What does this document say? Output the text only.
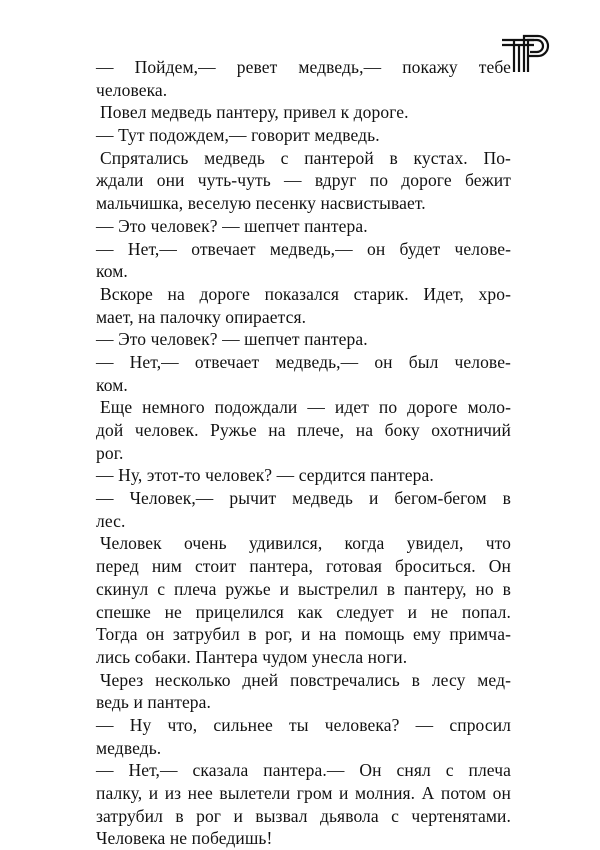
— Пойдем,— ревет медведь,— покажу тебе
человека.
Повел медведь пантеру, привел к дороге.
— Тут подождем,— говорит медведь.
Спрятались медведь с пантерой в кустах. По-
ждали они чуть-чуть — вдруг по дороге бежит
мальчишка, веселую песенку насвистывает.
— Это человек? — шепчет пантера.
— Нет,— отвечает медведь,— он будет челове-
ком.
Вскоре на дороге показался старик. Идет, хро-
мает, на палочку опирается.
— Это человек? — шепчет пантера.
— Нет,— отвечает медведь,— он был челове-
ком.
Еще немного подождали — идет по дороге моло-
дой человек. Ружье на плече, на боку охотничий
рог.
— Ну, этот-то человек? — сердится пантера.
— Человек,— рычит медведь и бегом-бегом в
лес.
Человек очень удивился, когда увидел, что
перед ним стоит пантера, готовая броситься. Он
скинул с плеча ружье и выстрелил в пантеру, но в
спешке не прицелился как следует и не попал.
Тогда он затрубил в рог, и на помощь ему примча-
лись собаки. Пантера чудом унесла ноги.
Через несколько дней повстречались в лесу мед-
ведь и пантера.
— Ну что, сильнее ты человека? — спросил
медведь.
— Нет,— сказала пантера.— Он снял с плеча
палку, и из нее вылетели гром и молния. А потом он
затрубил в рог и вызвал дьявола с чертенятами.
Человека не победишь!
